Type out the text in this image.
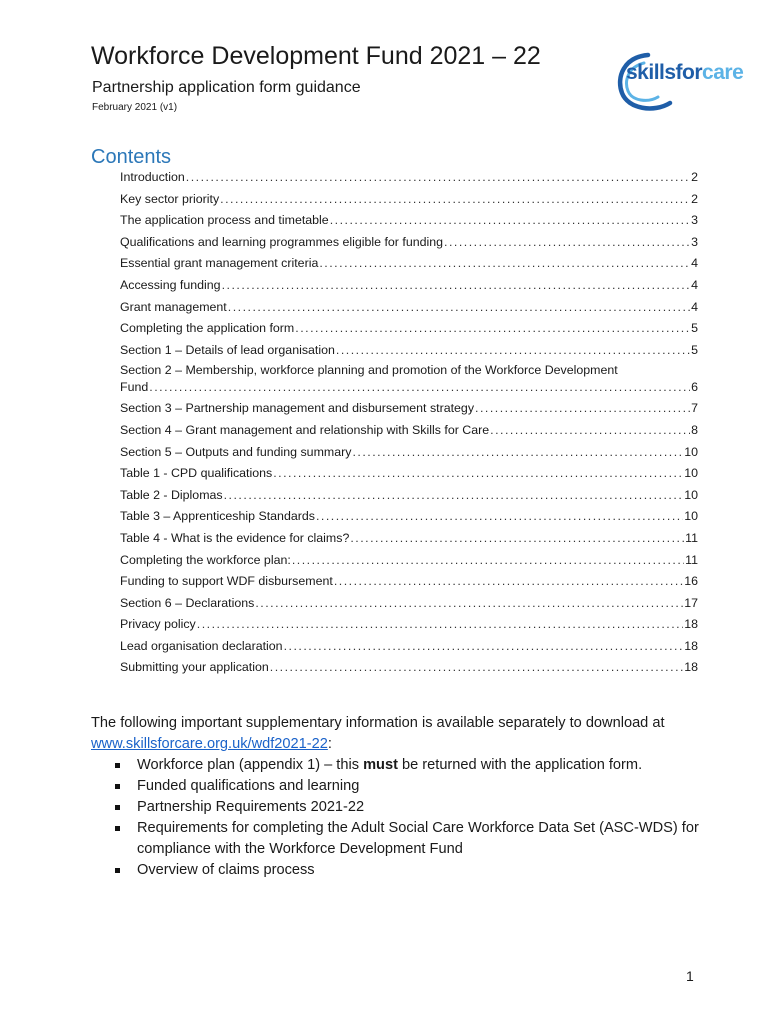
Workforce Development Fund 2021 – 22
Partnership application form guidance
February 2021 (v1)
skillsforcare
Contents
Introduction .....	2
Key sector priority .....	2
The application process and timetable .....	3
Qualifications and learning programmes eligible for funding .....	3
Essential grant management criteria .....	4
Accessing funding .....	4
Grant management .....	4
Completing the application form .....	5
Section 1 – Details of lead organisation .....	5
Section 2 – Membership, workforce planning and promotion of the Workforce Development
Fund .....	6
Section 3 – Partnership management and disbursement strategy .....	7
Section 4 – Grant management and relationship with Skills for Care .....	8
Section 5 – Outputs and funding summary .....	10
Table 1 - CPD qualifications .....	10
Table 2 - Diplomas .....	10
Table 3 – Apprenticeship Standards .....	10
Table 4 - What is the evidence for claims? .....	11
Completing the workforce plan: .....	11
Funding to support WDF disbursement .....	16
Section 6 – Declarations .....	17
Privacy policy .....	18
Lead organisation declaration .....	18
Submitting your application .....	18

The following important supplementary information is available separately to download at www.skillsforcare.org.uk/wdf2021-22:

Workforce plan (appendix 1) – this must be returned with the application form.
Funded qualifications and learning
Partnership Requirements 2021-22
Requirements for completing the Adult Social Care Workforce Data Set (ASC-WDS) for compliance with the Workforce Development Fund
Overview of claims process
1
